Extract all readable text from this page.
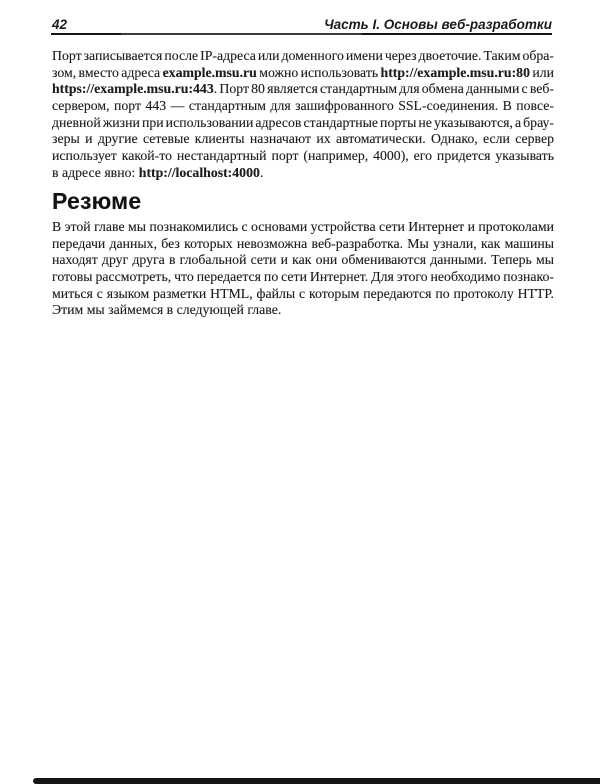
42	Часть I. Основы веб-разработки
Порт записывается после IP-адреса или доменного имени через двоеточие. Таким обра-
зом, вместо адреса example.msu.ru можно использовать http://example.msu.ru:80 или
https://example.msu.ru:443. Порт 80 является стандартным для обмена данными с веб-
сервером, порт 443 — стандартным для зашифрованного SSL-соединения. В повсе-
дневной жизни при использовании адресов стандартные порты не указываются, а брау-
зеры и другие сетевые клиенты назначают их автоматически. Однако, если сервер
использует какой-то нестандартный порт (например, 4000), его придется указывать
в адресе явно: http://localhost:4000.
Резюме
В этой главе мы познакомились с основами устройства сети Интернет и протоколами
передачи данных, без которых невозможна веб-разработка. Мы узнали, как машины
находят друг друга в глобальной сети и как они обмениваются данными. Теперь мы
готовы рассмотреть, что передается по сети Интернет. Для этого необходимо познако-
миться с языком разметки HTML, файлы с которым передаются по протоколу HTTP.
Этим мы займемся в следующей главе.
